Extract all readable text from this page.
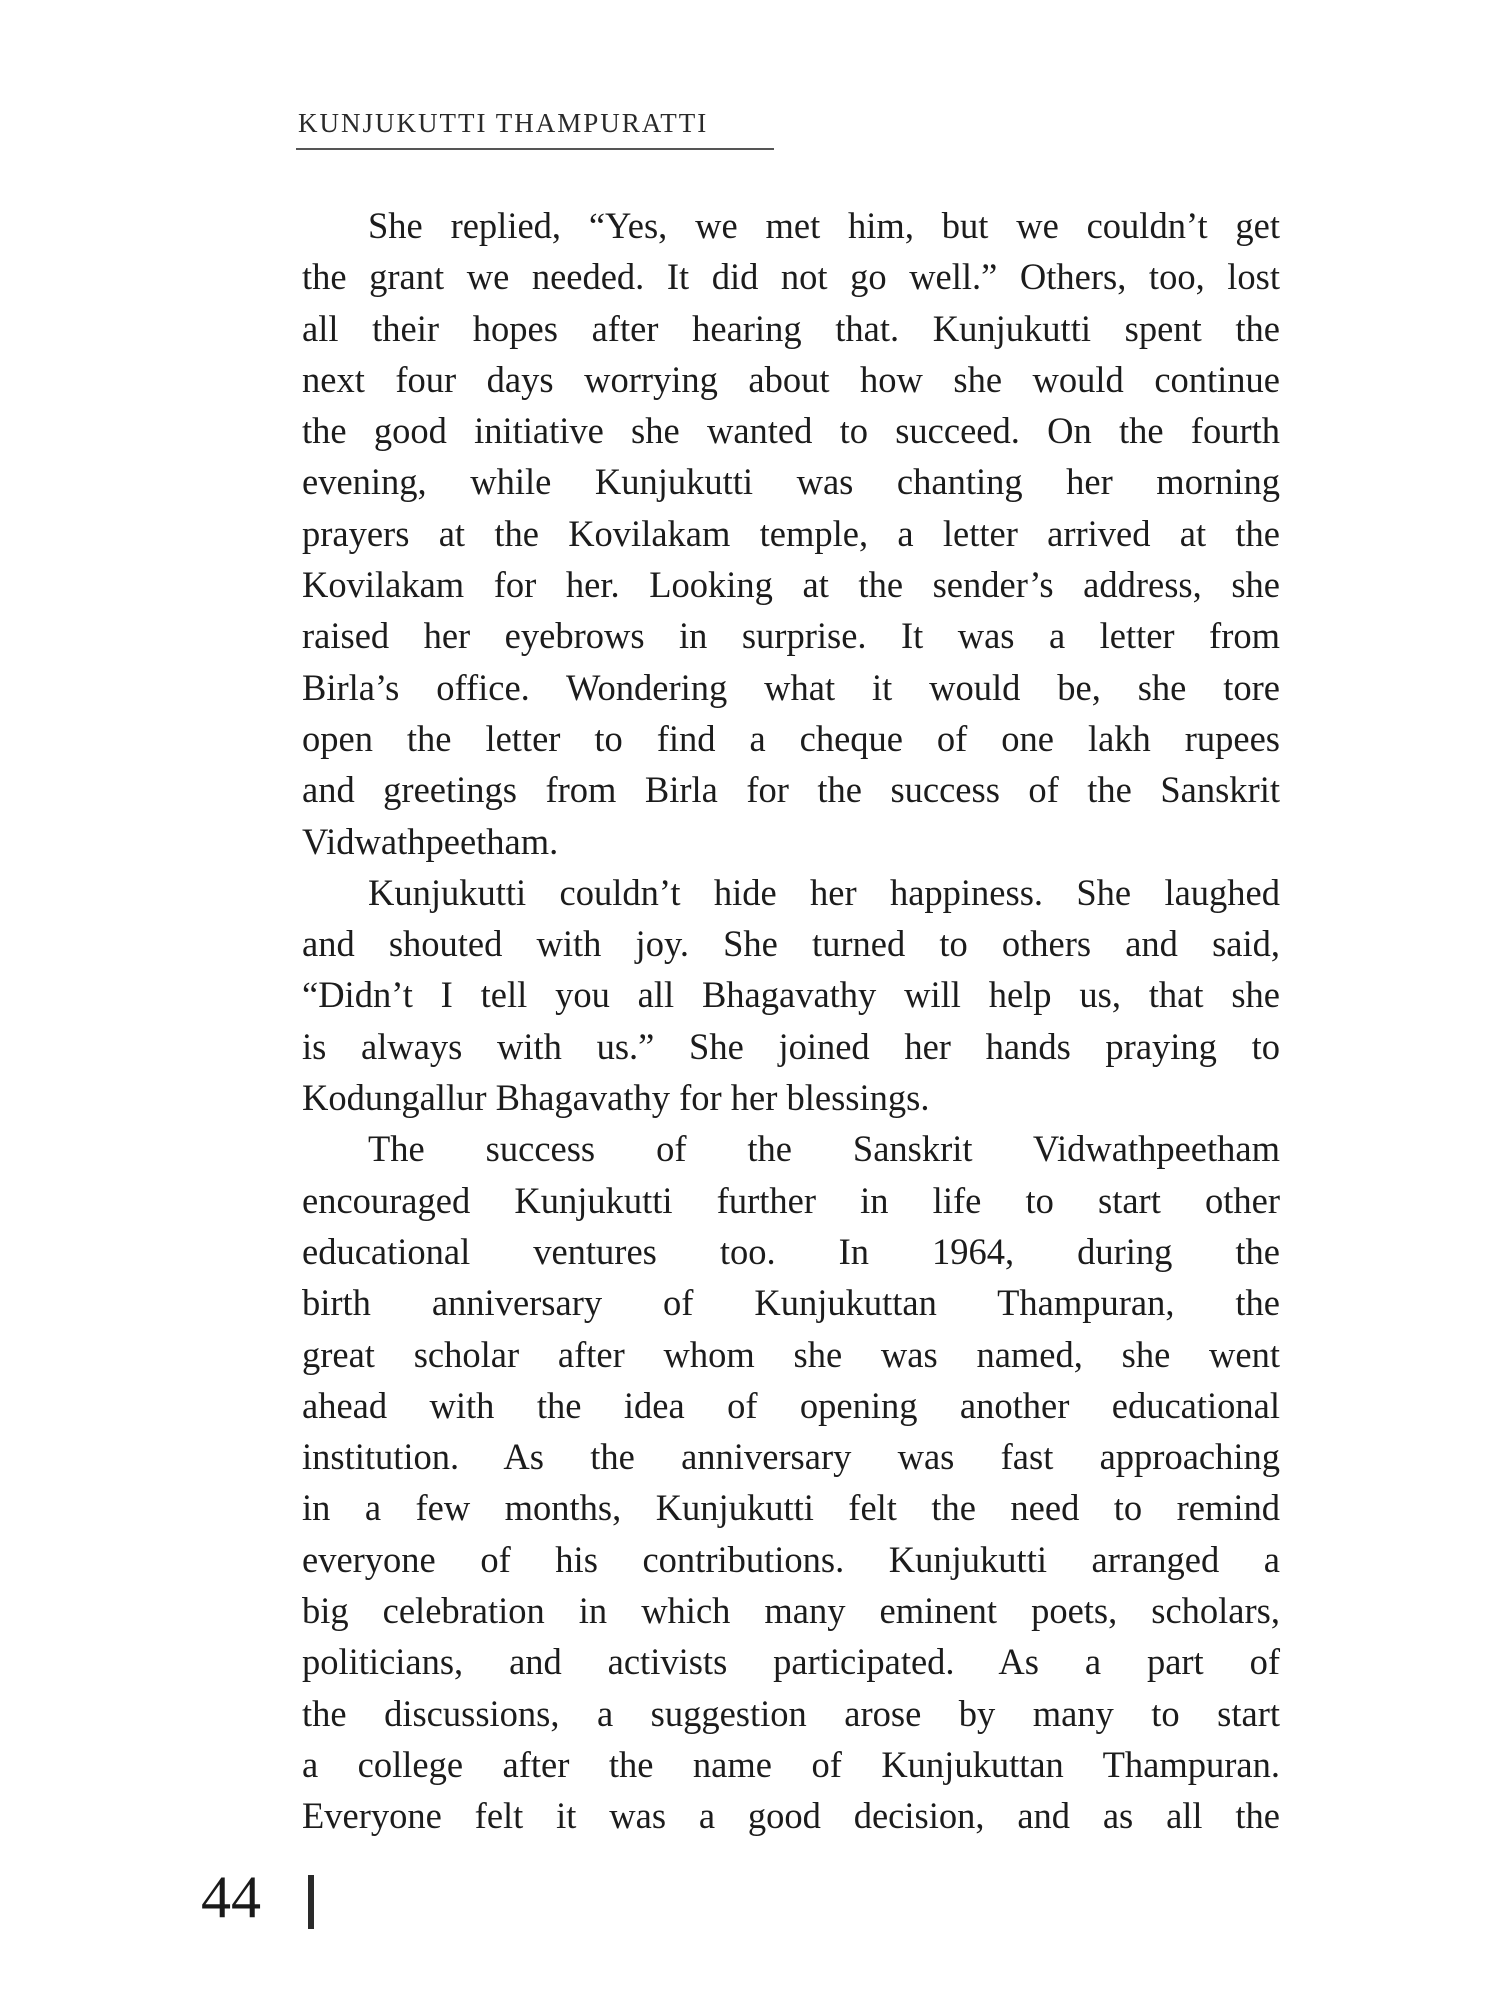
KUNJUKUTTI THAMPURATTI
She replied, “Yes, we met him, but we couldn’t get
the grant we needed. It did not go well.” Others, too, lost
all their hopes after hearing that. Kunjukutti spent the
next four days worrying about how she would continue
the good initiative she wanted to succeed. On the fourth
evening, while Kunjukutti was chanting her morning
prayers at the Kovilakam temple, a letter arrived at the
Kovilakam for her. Looking at the sender’s address, she
raised her eyebrows in surprise. It was a letter from
Birla’s office. Wondering what it would be, she tore
open the letter to find a cheque of one lakh rupees
and greetings from Birla for the success of the Sanskrit
Vidwathpeetham.
Kunjukutti couldn’t hide her happiness. She laughed
and shouted with joy. She turned to others and said,
“Didn’t I tell you all Bhagavathy will help us, that she
is always with us.” She joined her hands praying to
Kodungallur Bhagavathy for her blessings.
The success of the Sanskrit Vidwathpeetham
encouraged Kunjukutti further in life to start other
educational ventures too. In 1964, during the
birth anniversary of Kunjukuttan Thampuran, the
great scholar after whom she was named, she went
ahead with the idea of opening another educational
institution. As the anniversary was fast approaching
in a few months, Kunjukutti felt the need to remind
everyone of his contributions. Kunjukutti arranged a
big celebration in which many eminent poets, scholars,
politicians, and activists participated. As a part of
the discussions, a suggestion arose by many to start
a college after the name of Kunjukuttan Thampuran.
Everyone felt it was a good decision, and as all the
44
